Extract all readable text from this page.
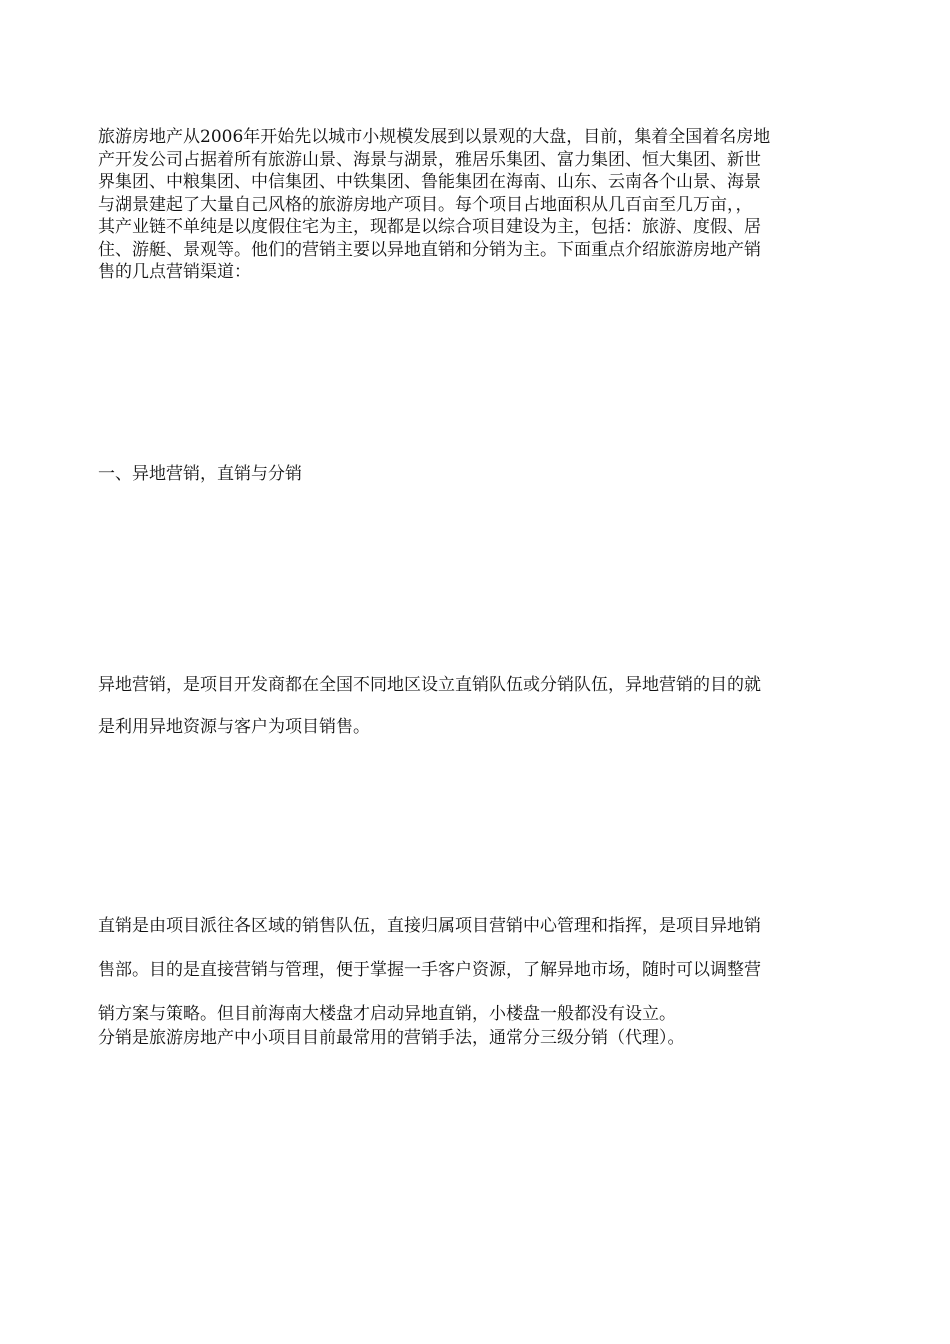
旅游房地产从2006年开始先以城市小规模发展到以景观的大盘，目前，集着全国着名房地
产开发公司占据着所有旅游山景、海景与湖景，雅居乐集团、富力集团、恒大集团、新世
界集团、中粮集团、中信集团、中铁集团、鲁能集团在海南、山东、云南各个山景、海景
与湖景建起了大量自己风格的旅游房地产项目。每个项目占地面积从几百亩至几万亩，，
其产业链不单纯是以度假住宅为主，现都是以综合项目建设为主，包括：旅游、度假、居
住、游艇、景观等。他们的营销主要以异地直销和分销为主。下面重点介绍旅游房地产销
售的几点营销渠道：

一、异地营销，直销与分销

异地营销，是项目开发商都在全国不同地区设立直销队伍或分销队伍，异地营销的目的就
是利用异地资源与客户为项目销售。

直销是由项目派往各区域的销售队伍，直接归属项目营销中心管理和指挥，是项目异地销
售部。目的是直接营销与管理，便于掌握一手客户资源，了解异地市场，随时可以调整营
销方案与策略。但目前海南大楼盘才启动异地直销，小楼盘一般都没有设立。

分销是旅游房地产中小项目目前最常用的营销手法，通常分三级分销（代理）。
